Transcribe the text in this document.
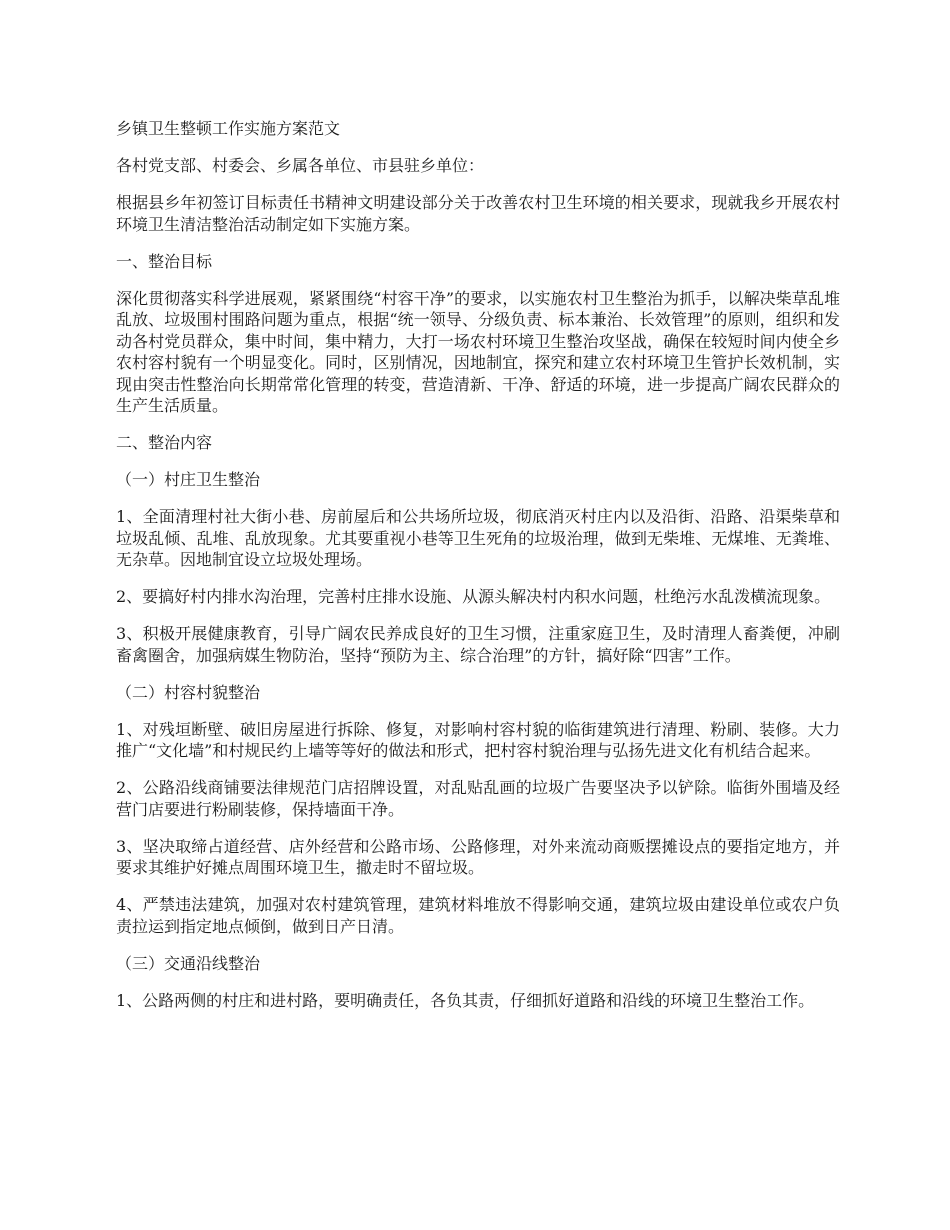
乡镇卫生整顿工作实施方案范文

各村党支部、村委会、乡属各单位、市县驻乡单位：

根据县乡年初签订目标责任书精神文明建设部分关于改善农村卫生环境的相关要求，现就我乡开展农村环境卫生清洁整治活动制定如下实施方案。

一、整治目标

深化贯彻落实科学进展观，紧紧围绕“村容干净”的要求，以实施农村卫生整治为抓手，以解决柴草乱堆乱放、垃圾围村围路问题为重点，根据“统一领导、分级负责、标本兼治、长效管理”的原则，组织和发动各村党员群众，集中时间，集中精力，大打一场农村环境卫生整治攻坚战，确保在较短时间内使全乡农村容村貌有一个明显变化。同时，区别情况，因地制宜，探究和建立农村环境卫生管护长效机制，实现由突击性整治向长期常常化管理的转变，营造清新、干净、舒适的环境，进一步提高广阔农民群众的生产生活质量。

二、整治内容

（一）村庄卫生整治

1、全面清理村社大街小巷、房前屋后和公共场所垃圾，彻底消灭村庄内以及沿街、沿路、沿渠柴草和垃圾乱倾、乱堆、乱放现象。尤其要重视小巷等卫生死角的垃圾治理，做到无柴堆、无煤堆、无粪堆、无杂草。因地制宜设立垃圾处理场。

2、要搞好村内排水沟治理，完善村庄排水设施、从源头解决村内积水问题，杜绝污水乱泼横流现象。

3、积极开展健康教育，引导广阔农民养成良好的卫生习惯，注重家庭卫生，及时清理人畜粪便，冲刷畜禽圈舍，加强病媒生物防治，坚持“预防为主、综合治理”的方针，搞好除“四害”工作。

（二）村容村貌整治

1、对残垣断壁、破旧房屋进行拆除、修复，对影响村容村貌的临街建筑进行清理、粉刷、装修。大力推广“文化墙”和村规民约上墙等等好的做法和形式，把村容村貌治理与弘扬先进文化有机结合起来。

2、公路沿线商铺要法律规范门店招牌设置，对乱贴乱画的垃圾广告要坚决予以铲除。临街外围墙及经营门店要进行粉刷装修，保持墙面干净。

3、坚决取缔占道经营、店外经营和公路市场、公路修理，对外来流动商贩摆摊设点的要指定地方，并要求其维护好摊点周围环境卫生，撤走时不留垃圾。

4、严禁违法建筑，加强对农村建筑管理，建筑材料堆放不得影响交通，建筑垃圾由建设单位或农户负责拉运到指定地点倾倒，做到日产日清。

（三）交通沿线整治

1、公路两侧的村庄和进村路，要明确责任，各负其责，仔细抓好道路和沿线的环境卫生整治工作。
